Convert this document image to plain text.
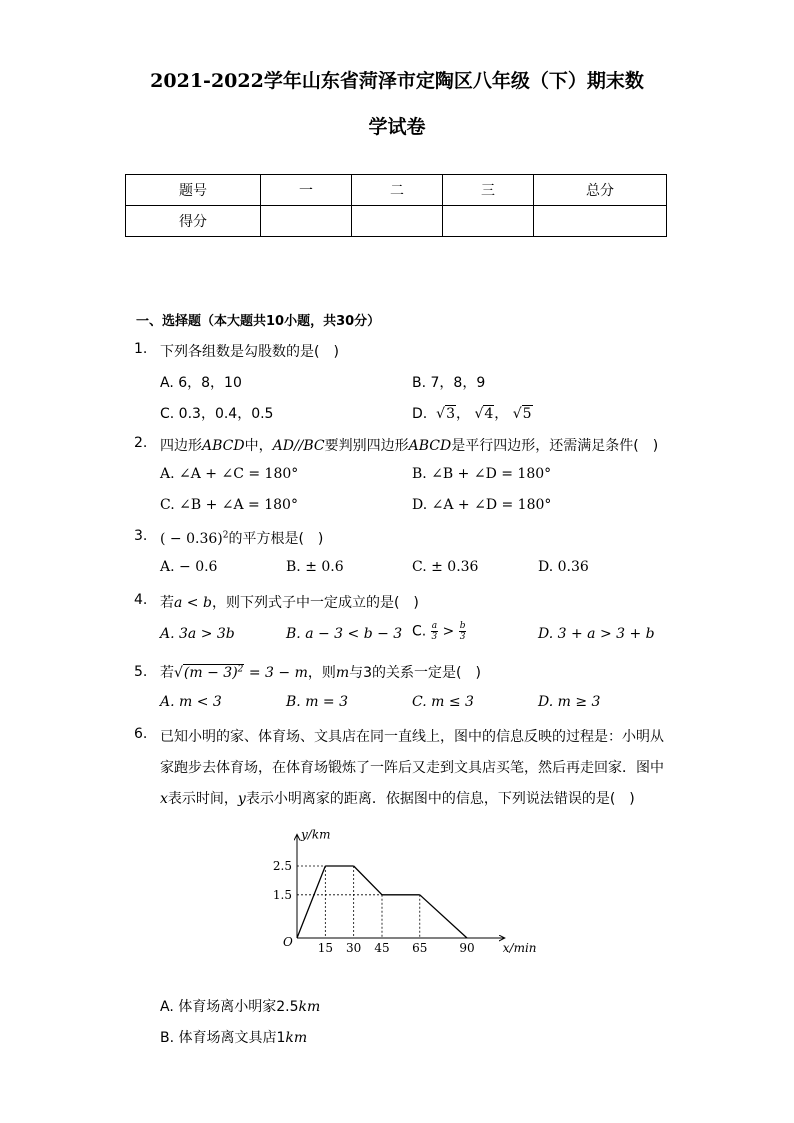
2021-2022学年山东省菏泽市定陶区八年级（下）期末数
学试卷
题号	一	二	三	总分
得分				
一、选择题（本大题共10小题，共30分）
1. 下列各组数是勾股数的是(　)
A. 6，8，10	B. 7，8，9
C. 0.3，0.4，0.5	D. √3， √4， √5
2. 四边形ABCD中，AD//BC要判别四边形ABCD是平行四边形，还需满足条件(　)
A. ∠A + ∠C = 180°	B. ∠B + ∠D = 180°
C. ∠B + ∠A = 180°	D. ∠A + ∠D = 180°
3. ( − 0.36)$^2$的平方根是(　)
A. − 0.6	B. ± 0.6	C. ± 0.36	D. 0.36
4. 若a < b，则下列式子中一定成立的是(　)
A. 3a > 3b	B. a − 3 < b − 3 C. $\frac{a}{3} > \frac{b}{3}$	D. 3 + a > 3 + b
5. 若$√(m - 3)^2 = 3 - m$，则m与3的关系一定是(　)
A. m < 3	B. m = 3	C. m ≤ 3	D. m ≥ 3
6. 已知小明的家、体育场、文具店在同一直线上，图中的信息反映的过程是：小明从
家跑步去体育场，在体育场锻炼了一阵后又走到文具店买笔，然后再走回家．图中
x表示时间，y表示小明离家的距离．依据图中的信息，下列说法错误的是(　)
15 30 45 65	90
2.5
1.5
O	x/min
y/km
A. 体育场离小明家2.5km
B. 体育场离文具店1km
